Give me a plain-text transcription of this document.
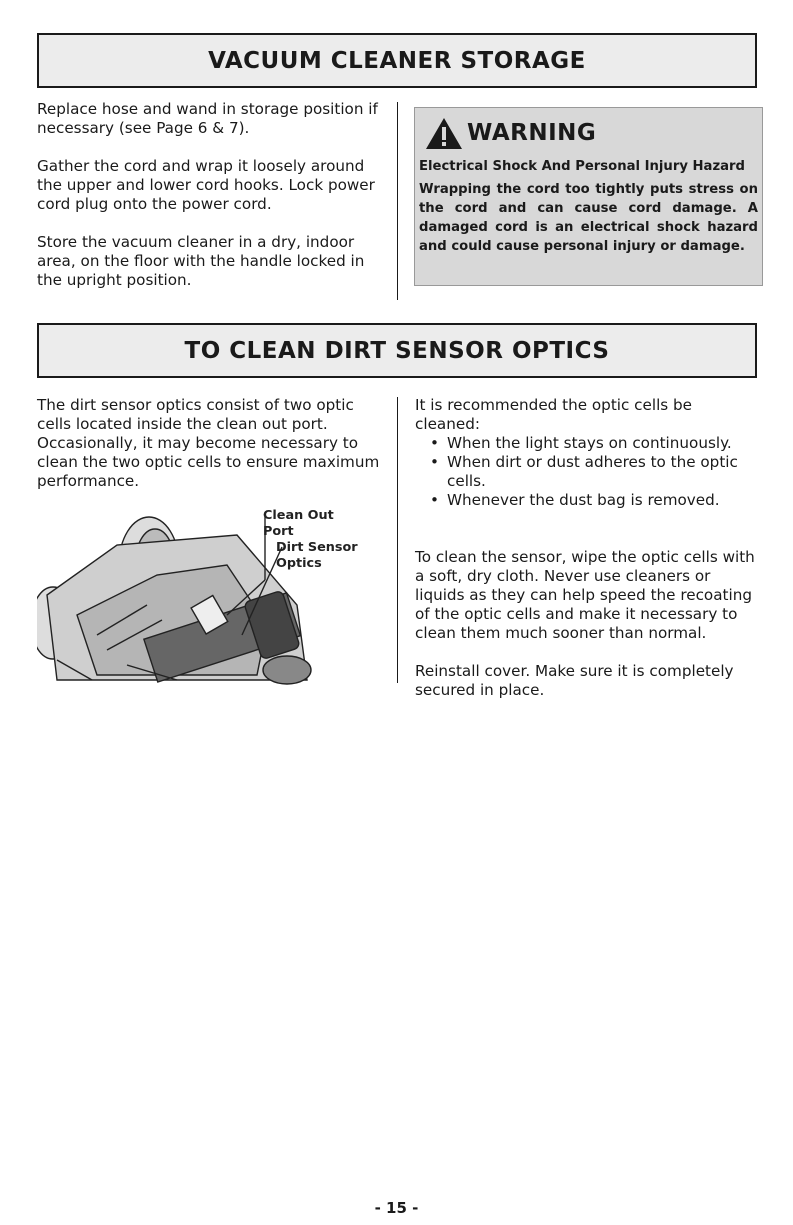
VACUUM CLEANER STORAGE

Replace hose and wand in storage position if necessary (see Page 6 & 7).

Gather the cord and wrap it loosely around the upper and lower cord hooks. Lock power cord plug onto the power cord.

Store the vacuum cleaner in a dry, indoor area, on the floor with the handle locked in the upright position.

WARNING
Electrical Shock And Personal Injury Hazard
Wrapping the cord too tightly puts stress on the cord and can cause cord damage. A damaged cord is an electrical shock hazard and could cause personal injury or damage.
TO CLEAN DIRT SENSOR OPTICS

The dirt sensor optics consist of two optic cells located inside the clean out port. Occasionally, it may become necessary to clean the two optic cells to ensure maximum performance.

Clean Out Port
Dirt Sensor Optics

It is recommended the optic cells be cleaned:

• When the light stays on continuously.
• When dirt or dust adheres to the optic cells.
• Whenever the dust bag is removed.

To clean the sensor, wipe the optic cells with a soft, dry cloth. Never use cleaners or liquids as they can help speed the recoating of the optic cells and make it necessary to clean them much sooner than normal.

Reinstall cover. Make sure it is completely secured in place.

- 15 -
